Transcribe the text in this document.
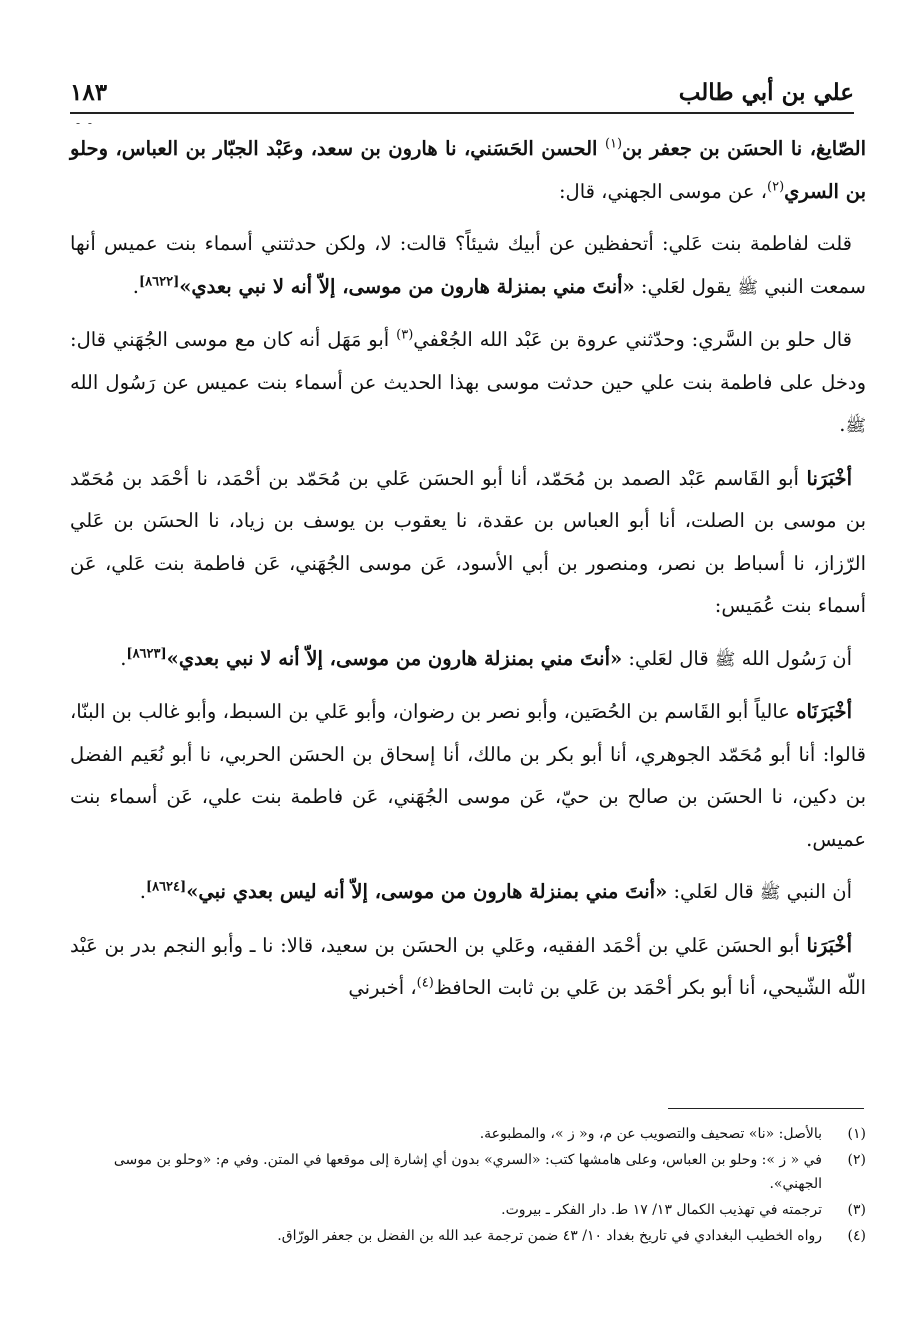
١٨٣	علي بن أبي طالب
- -

الصّايغ، نا الحسَن بن جعفر بن$^{(١)}$ الحسن الحَسَني، نا هارون بن سعد، وعَبْد الجبّار بن العباس، وحلو بن السري$^{(٢)}$، عن موسى الجهني، قال:

قلت لفاطمة بنت عَلي: أتحفظين عن أبيك شيئاً؟ قالت: لا، ولكن حدثتني أسماء بنت عميس أنها سمعت النبي ﷺ يقول لعَلي: «أنتَ مني بمنزلة هارون من موسى، إلاّ أنه لا نبي بعدي»[٨٦٢٢].

قال حلو بن السَّري: وحدّثني عروة بن عَبْد الله الجُعْفي$^{(٣)}$ أبو مَهَل أنه كان مع موسى الجُهَني قال: ودخل على فاطمة بنت علي حين حدثت موسى بهذا الحديث عن أسماء بنت عميس عن رَسُول الله ﷺ.

أخْبَرَنا أبو القَاسم عَبْد الصمد بن مُحَمّد، أنا أبو الحسَن عَلي بن مُحَمّد بن أحْمَد، نا أحْمَد بن مُحَمّد بن موسى بن الصلت، أنا أبو العباس بن عقدة، نا يعقوب بن يوسف بن زياد، نا الحسَن بن عَلي الرّزاز، نا أسباط بن نصر، ومنصور بن أبي الأسود، عَن موسى الجُهَني، عَن فاطمة بنت عَلي، عَن أسماء بنت عُمَيس:

أن رَسُول الله ﷺ قال لعَلي: «أنتَ مني بمنزلة هارون من موسى، إلاّ أنه لا نبي بعدي»[٨٦٢٣].

أخْبَرَنَاه عالياً أبو القَاسم بن الحُصَين، وأبو نصر بن رضوان، وأبو عَلي بن السبط، وأبو غالب بن البنّا، قالوا: أنا أبو مُحَمّد الجوهري، أنا أبو بكر بن مالك، أنا إسحاق بن الحسَن الحربي، نا أبو نُعَيم الفضل بن دكين، نا الحسَن بن صالح بن حيّ، عَن موسى الجُهَني، عَن فاطمة بنت علي، عَن أسماء بنت عميس.

أن النبي ﷺ قال لعَلي: «أنتَ مني بمنزلة هارون من موسى، إلاّ أنه ليس بعدي نبي»[٨٦٢٤].

أخْبَرَنا أبو الحسَن عَلي بن أحْمَد الفقيه، وعَلي بن الحسَن بن سعيد، قالا: نا ـ وأبو النجم بدر بن عَبْد اللّه الشّيحي، أنا أبو بكر أحْمَد بن عَلي بن ثابت الحافظ$^{(٤)}$، أخبرني

(١)
بالأصل: «نا» تصحيف والتصويب عن م، و« ز »، والمطبوعة.
(٢)
في « ز »: وحلو بن العباس، وعلى هامشها كتب: «السري» بدون أي إشارة إلى موقعها في المتن. وفي م: «وحلو بن موسى الجهني».
(٣)
ترجمته في تهذيب الكمال ١٣/ ١٧ ط. دار الفكر ـ بيروت.
(٤)
رواه الخطيب البغدادي في تاريخ بغداد ١٠/ ٤٣ ضمن ترجمة عبد الله بن الفضل بن جعفر الورّاق.
